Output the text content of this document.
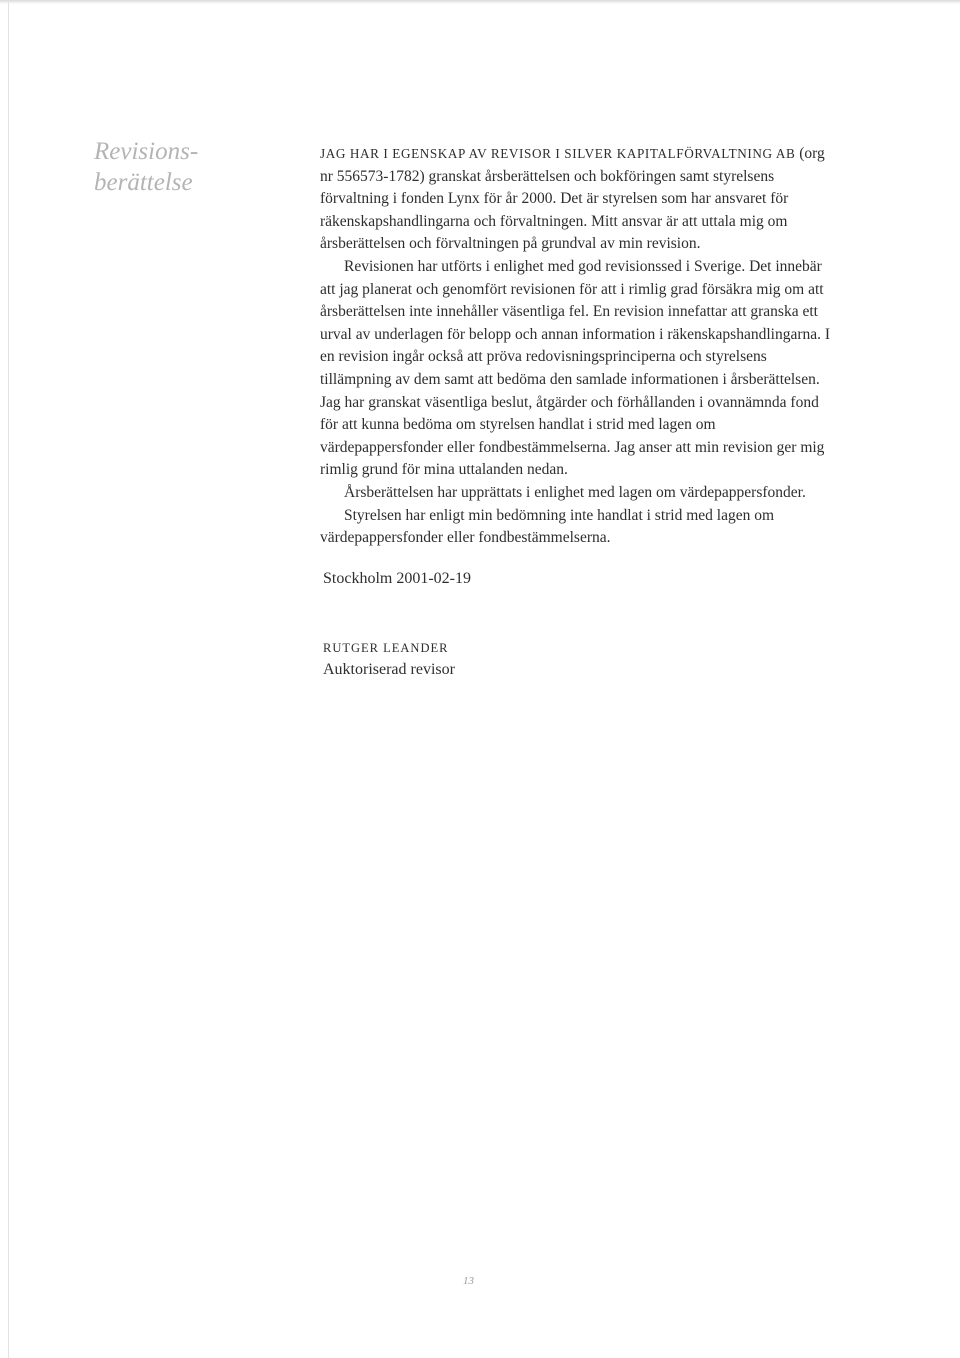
Revisions-
berättelse

JAG HAR I EGENSKAP AV REVISOR I SILVER KAPITALFÖRVALTNING AB (org nr 556573-1782) granskat årsberättelsen och bokföringen samt styrelsens förvaltning i fonden Lynx för år 2000. Det är styrelsen som har ansvaret för räkenskapshandlingarna och förvaltningen. Mitt ansvar är att uttala mig om årsberättelsen och förvaltningen på grundval av min revision.

Revisionen har utförts i enlighet med god revisionssed i Sverige. Det innebär att jag planerat och genomfört revisionen för att i rimlig grad försäkra mig om att årsberättelsen inte innehåller väsentliga fel. En revision innefattar att granska ett urval av underlagen för belopp och annan information i räkenskapshandlingarna. I en revision ingår också att pröva redovisningsprinciperna och styrelsens tillämpning av dem samt att bedöma den samlade informationen i årsberättelsen. Jag har granskat väsentliga beslut, åtgärder och förhållanden i ovannämnda fond för att kunna bedöma om styrelsen handlat i strid med lagen om värdepappersfonder eller fondbestämmelserna. Jag anser att min revision ger mig rimlig grund för mina uttalanden nedan.

Årsberättelsen har upprättats i enlighet med lagen om värdepappersfonder.

Styrelsen har enligt min bedömning inte handlat i strid med lagen om värdepappersfonder eller fondbestämmelserna.

Stockholm 2001-02-19
RUTGER LEANDER
Auktoriserad revisor
13
